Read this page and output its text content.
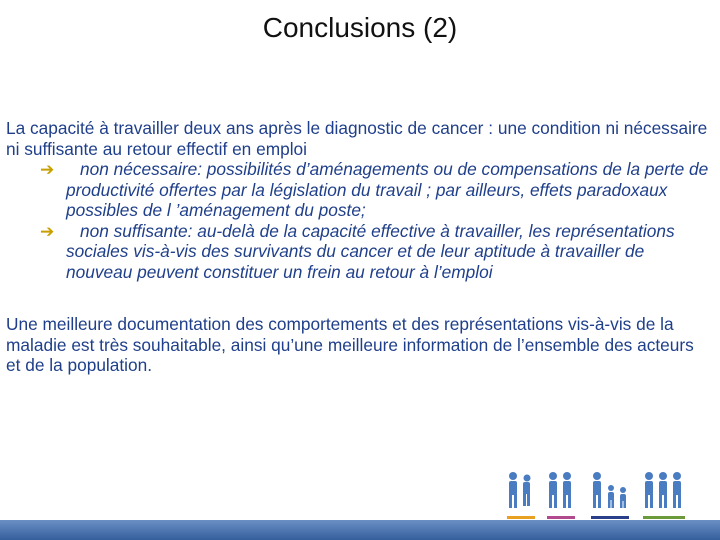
Conclusions (2)

La capacité à travailler deux ans après le diagnostic de cancer : une condition ni nécessaire ni suffisante au retour effectif en emploi

➔ non nécessaire: possibilités d’aménagements ou de compensations de la perte de productivité offertes par la législation du travail ; par ailleurs, effets paradoxaux possibles de l ’aménagement du poste;
➔ non suffisante: au-delà de la capacité effective à travailler, les représentations sociales vis-à-vis des survivants du cancer et de leur aptitude à travailler de nouveau peuvent constituer un frein au retour à l’emploi

Une meilleure documentation des comportements et des représentations vis-à-vis de la maladie est très souhaitable, ainsi qu’une meilleure information de l’ensemble des acteurs et de la population.
